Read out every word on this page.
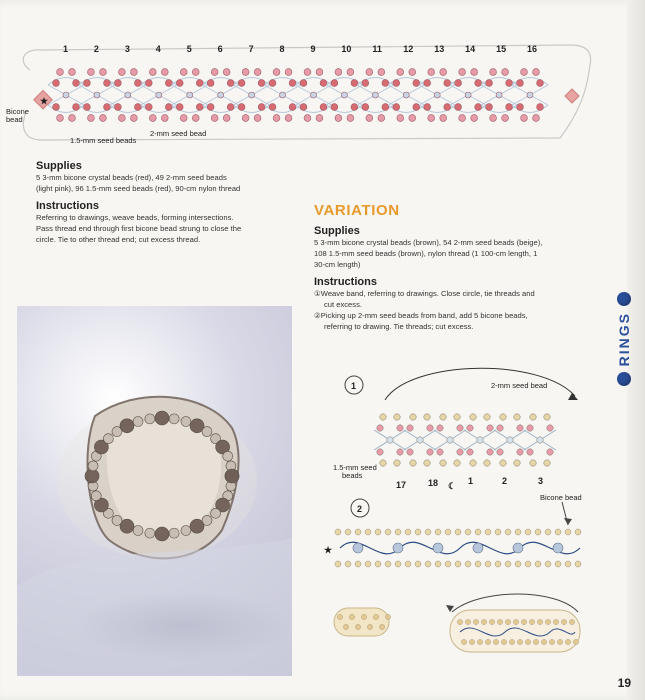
★
1	2	3	4	5	6	7	8	9	10 11 12 13 14 15 16
Bicone bead
1.5-mm seed beads
2-mm seed bead
Supplies
5 3-mm bicone crystal beads (red), 49 2-mm seed beads
(light pink), 96 1.5-mm seed beads (red), 90-cm nylon thread
Instructions
Referring to drawings, weave beads, forming intersections.
Pass thread end through first bicone bead strung to close the
circle. Tie to other thread end; cut excess thread.
VARIATION
Supplies
5 3-mm bicone crystal beads (brown), 54 2-mm seed beads (beige),
108 1.5-mm seed beads (brown), nylon thread (1 100-cm length, 1
30-cm length)
Instructions
①Weave band, referring to drawings. Close circle, tie threads and
cut excess.
②Picking up 2-mm seed beads from band, add 5 bicone beads,
referring to drawing. Tie threads; cut excess.
1	2-mm seed bead
1.5-mm seed
beads
17 18 ☾ 1	2	3
2
Bicone bead
★
RINGS
19
